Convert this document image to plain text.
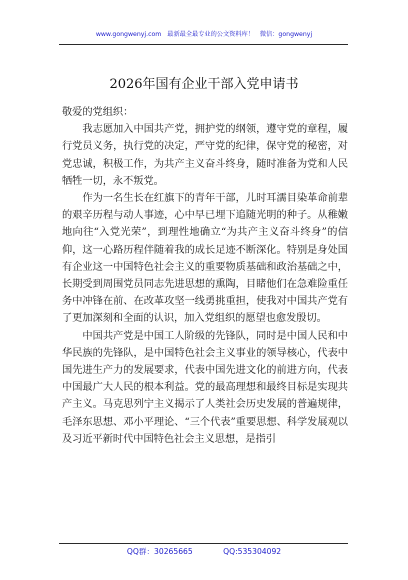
www.gongwenyj.com 最新最全最专业的公文资料库！ 微信：gongwenyj
2026年国有企业干部入党申请书

敬爱的党组织：

我志愿加入中国共产党，拥护党的纲领，遵守党的章程，履行党员义务，执行党的决定，严守党的纪律，保守党的秘密，对党忠诚，积极工作，为共产主义奋斗终身，随时准备为党和人民牺牲一切，永不叛党。

作为一名生长在红旗下的青年干部，儿时耳濡目染革命前辈的艰辛历程与动人事迹，心中早已埋下追随光明的种子。从稚嫩地向往“入党光荣”，到理性地确立“为共产主义奋斗终身”的信仰，这一心路历程伴随着我的成长足迹不断深化。特别是身处国有企业这一中国特色社会主义的重要物质基础和政治基础之中，长期受到周围党员同志先进思想的熏陶，目睹他们在急难险重任务中冲锋在前、在改革攻坚一线勇挑重担，使我对中国共产党有了更加深刻和全面的认识，加入党组织的愿望也愈发殷切。

中国共产党是中国工人阶级的先锋队，同时是中国人民和中华民族的先锋队，是中国特色社会主义事业的领导核心，代表中国先进生产力的发展要求，代表中国先进文化的前进方向，代表中国最广大人民的根本利益。党的最高理想和最终目标是实现共产主义。马克思列宁主义揭示了人类社会历史发展的普遍规律，毛泽东思想、邓小平理论、“三个代表”重要思想、科学发展观以及习近平新时代中国特色社会主义思想，是指引

QQ群：30265665	QQ:535304092
